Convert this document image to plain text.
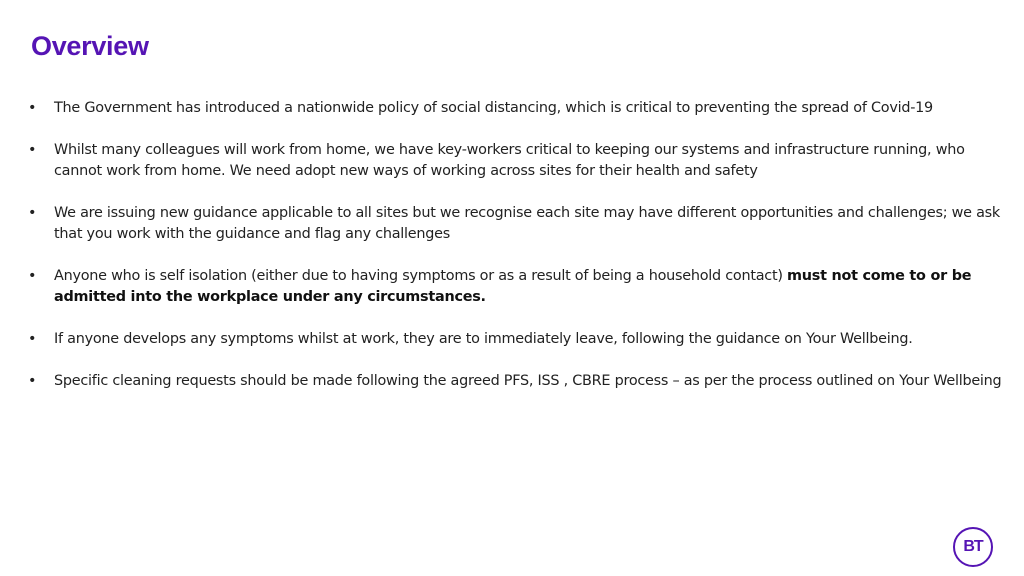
Overview
•	The Government has introduced a nationwide policy of social distancing, which is critical to preventing the spread of Covid-19
•	Whilst many colleagues will work from home, we have key-workers critical to keeping our systems and infrastructure running, who cannot work from home. We need adopt new ways of working across sites for their health and safety
•	We are issuing new guidance applicable to all sites but we recognise each site may have different opportunities and challenges; we ask that you work with the guidance and flag any challenges
•	Anyone who is self isolation (either due to having symptoms or as a result of being a household contact) must not come to or be admitted into the workplace under any circumstances.
•	If anyone develops any symptoms whilst at work, they are to immediately leave, following the guidance on Your Wellbeing.
•	Specific cleaning requests should be made following the agreed PFS, ISS , CBRE process – as per the process outlined on Your Wellbeing
BT
